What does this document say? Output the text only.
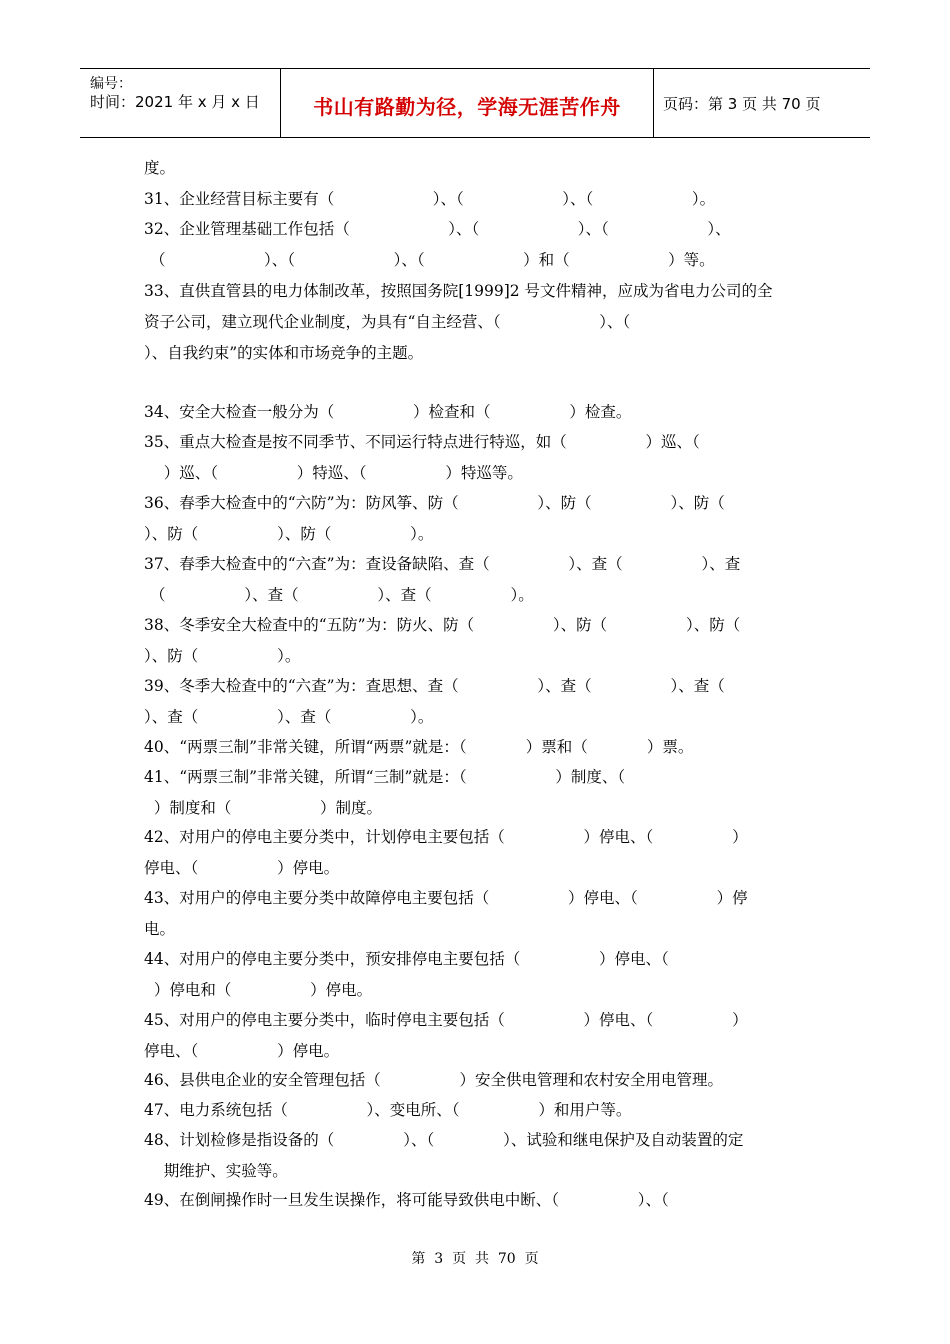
编号：
时间：2021 年 x 月 x 日	书山有路勤为径，学海无涯苦作舟	页码：第 3 页 共 70 页
度。
31、企业经营目标主要有（                    ）、（                    ）、（                    ）。
32、企业管理基础工作包括（                    ）、（                    ）、（                    ）、
（                    ）、（                    ）、（                    ）和（                    ）等。
33、直供直管县的电力体制改革，按照国务院[1999]2 号文件精神，应成为省电力公司的全
资子公司，建立现代企业制度，为具有“自主经营、（                    ）、（
）、自我约束”的实体和市场竞争的主题。
34、安全大检查一般分为（                ）检查和（                ）检查。
35、重点大检查是按不同季节、不同运行特点进行特巡，如（                ）巡、（
）巡、（                ）特巡、（                ）特巡等。
36、春季大检查中的“六防”为：防风筝、防（                ）、防（                ）、防（
）、防（                ）、防（                ）。
37、春季大检查中的“六查”为：查设备缺陷、查（                ）、查（                ）、查
（                ）、查（                ）、查（                ）。
38、冬季安全大检查中的“五防”为：防火、防（                ）、防（                ）、防（
）、防（                ）。
39、冬季大检查中的“六查”为：查思想、查（                ）、查（                ）、查（
）、查（                ）、查（                ）。
40、“两票三制”非常关键，所谓“两票”就是：（            ）票和（            ）票。
41、“两票三制”非常关键，所谓“三制”就是：（                  ）制度、（
）制度和（                  ）制度。
42、对用户的停电主要分类中，计划停电主要包括（                ）停电、（                ）
停电、（                ）停电。
43、对用户的停电主要分类中故障停电主要包括（                ）停电、（                ）停
电。
44、对用户的停电主要分类中，预安排停电主要包括（                ）停电、（
）停电和（                ）停电。
45、对用户的停电主要分类中，临时停电主要包括（                ）停电、（                ）
停电、（                ）停电。
46、县供电企业的安全管理包括（                ）安全供电管理和农村安全用电管理。
47、电力系统包括（                ）、变电所、（                ）和用户等。
48、计划检修是指设备的（              ）、（              ）、试验和继电保护及自动装置的定
期维护、实验等。
49、在倒闸操作时一旦发生误操作，将可能导致供电中断、（                ）、（
第  3  页  共  70  页
